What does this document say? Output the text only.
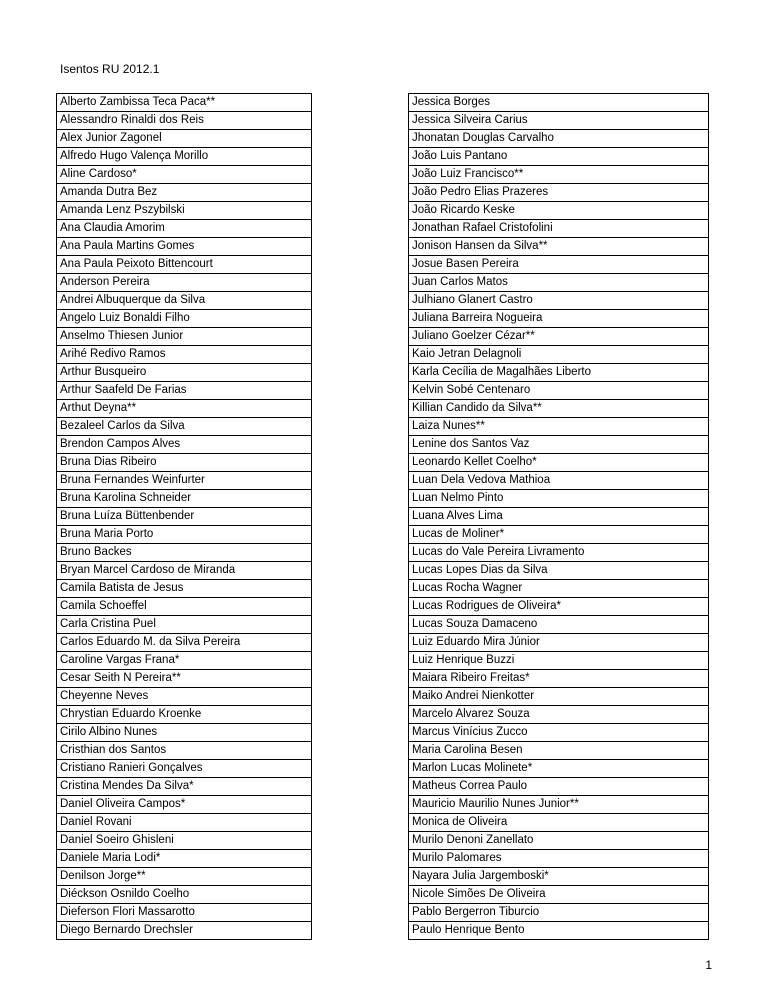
Isentos RU 2012.1
Alberto Zambissa Teca Paca**
Alessandro Rinaldi dos Reis
Alex Junior Zagonel
Alfredo Hugo Valença Morillo
Aline Cardoso*
Amanda Dutra Bez
Amanda Lenz Pszybilski
Ana Claudia Amorim
Ana Paula Martins Gomes
Ana Paula Peixoto Bittencourt
Anderson Pereira
Andrei Albuquerque da Silva
Angelo Luiz Bonaldi Filho
Anselmo Thiesen Junior
Arihé Redivo Ramos
Arthur Busqueiro
Arthur Saafeld De Farias
Arthut Deyna**
Bezaleel Carlos da Silva
Brendon Campos Alves
Bruna Dias Ribeiro
Bruna Fernandes Weinfurter
Bruna Karolina Schneider
Bruna Luíza Büttenbender
Bruna Maria Porto
Bruno Backes
Bryan Marcel Cardoso de Miranda
Camila Batista de Jesus
Camila Schoeffel
Carla Cristina Puel
Carlos Eduardo M. da Silva Pereira
Caroline Vargas Frana*
Cesar Seith N Pereira**
Cheyenne Neves
Chrystian Eduardo Kroenke
Cirilo Albino Nunes
Cristhian dos Santos
Cristiano Ranieri Gonçalves
Cristina Mendes Da Silva*
Daniel Oliveira Campos*
Daniel Rovani
Daniel Soeiro Ghisleni
Daniele Maria Lodi*
Denilson Jorge**
Diéckson Osnildo Coelho
Dieferson Flori Massarotto
Diego Bernardo Drechsler
Jessica Borges
Jessica Silveira Carius
Jhonatan Douglas Carvalho
João Luis Pantano
João Luiz Francisco**
João Pedro Elias Prazeres
João Ricardo Keske
Jonathan Rafael Cristofolini
Jonison Hansen da Silva**
Josue Basen Pereira
Juan Carlos Matos
Julhiano Glanert Castro
Juliana Barreira Nogueira
Juliano Goelzer Cézar**
Kaio Jetran Delagnoli
Karla Cecília de Magalhães Liberto
Kelvin Sobé Centenaro
Killian Candido da Silva**
Laiza Nunes**
Lenine dos Santos Vaz
Leonardo Kellet Coelho*
Luan Dela Vedova Mathioa
Luan Nelmo Pinto
Luana Alves Lima
Lucas de Moliner*
Lucas do Vale Pereira Livramento
Lucas Lopes Dias da Silva
Lucas Rocha Wagner
Lucas Rodrigues de Oliveira*
Lucas Souza Damaceno
Luiz Eduardo Mira Júnior
Luiz Henrique Buzzi
Maiara Ribeiro Freitas*
Maiko Andrei Nienkotter
Marcelo Alvarez Souza
Marcus Vinícius Zucco
Maria Carolina Besen
Marlon Lucas Molinete*
Matheus Correa Paulo
Mauricio Maurilio Nunes Junior**
Monica de Oliveira
Murilo Denoni Zanellato
Murilo Palomares
Nayara Julia Jargemboski*
Nicole Simões De Oliveira
Pablo Bergerron Tiburcio
Paulo Henrique Bento
1
